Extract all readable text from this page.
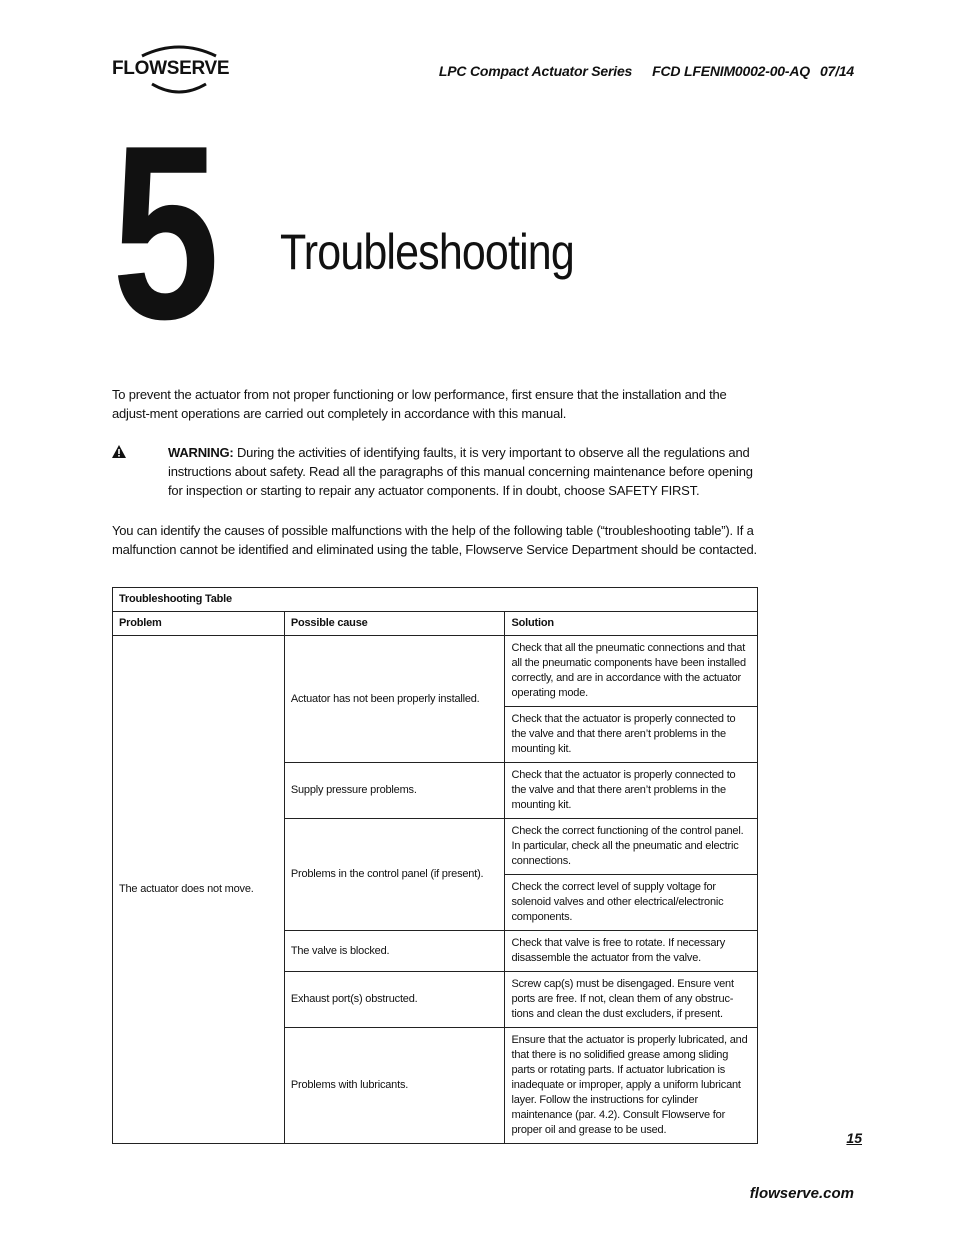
FLOWSERVE	LPC Compact Actuator Series FCD LFENIM0002-00-AQ 07/14
5 Troubleshooting
To prevent the actuator from not proper functioning or low performance, first ensure that the installation and the adjust-ment operations are carried out completely in accordance with this manual.
WARNING: During the activities of identifying faults, it is very important to observe all the regulations and instructions about safety. Read all the paragraphs of this manual concerning maintenance before opening for inspection or starting to repair any actuator components. If in doubt, choose SAFETY FIRST.
You can identify the causes of possible malfunctions with the help of the following table (“troubleshooting table”). If a malfunction cannot be identified and eliminated using the table, Flowserve Service Department should be contacted.
Troubleshooting Table		
Problem	Possible cause	Solution
The actuator does not move.	Actuator has not been properly installed.	Check that all the pneumatic connections and that all the pneumatic components have been installed correctly, and are in accordance with the actuator operating mode.
		Check that the actuator is properly connected to the valve and that there aren’t problems in the mounting kit.
	Supply pressure problems.	Check that the actuator is properly connected to the valve and that there aren’t problems in the mounting kit.
	Problems in the control panel (if present).	Check the correct functioning of the control panel. In particular, check all the pneumatic and electric connections.
		Check the correct level of supply voltage for solenoid valves and other electrical/electronic components.
	The valve is blocked.	Check that valve is free to rotate. If necessary disassemble the actuator from the valve.
	Exhaust port(s) obstructed.	Screw cap(s) must be disengaged. Ensure vent ports are free. If not, clean them of any obstruc-tions and clean the dust excluders, if present.
	Problems with lubricants.	Ensure that the actuator is properly lubricated, and that there is no solidified grease among sliding parts or rotating parts. If actuator lubrication is inadequate or improper, apply a uniform lubricant layer. Follow the instructions for cylinder maintenance (par. 4.2). Consult Flowserve for proper oil and grease to be used.	15
flowserve.com
